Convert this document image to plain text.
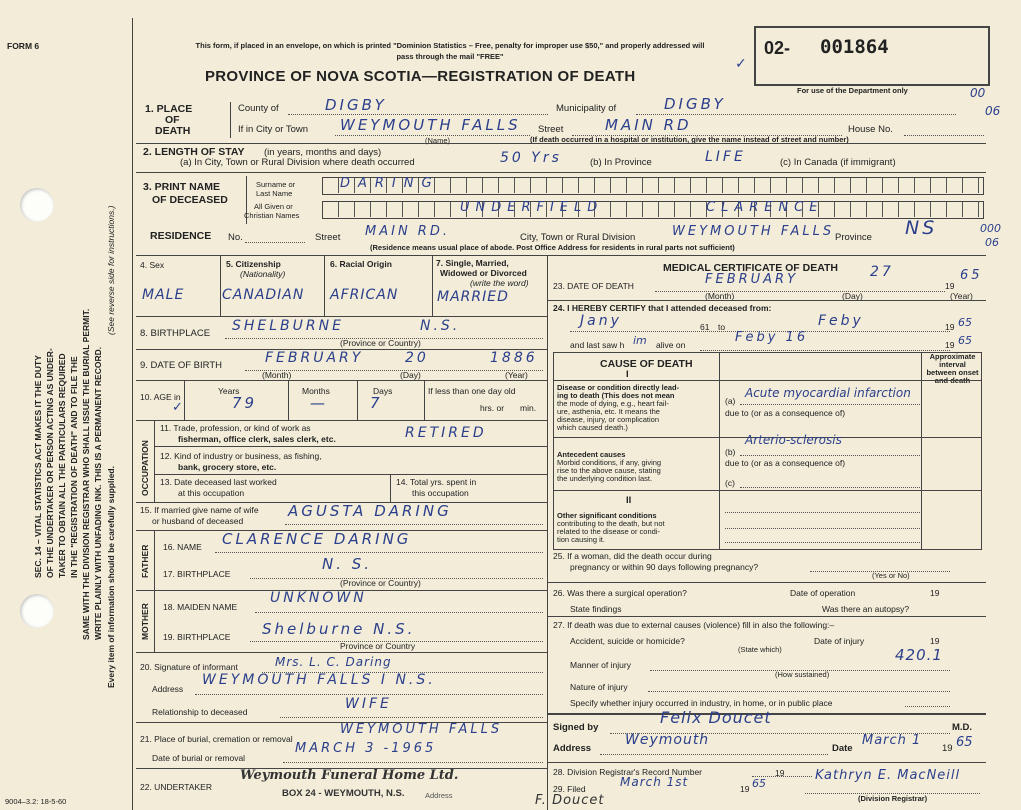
FORM 6
SEC. 14 – VITAL STATISTICS ACT MAKES IT THE DUTY OF THE UNDERTAKER OR PERSON ACTING AS UNDER- TAKER TO OBTAIN ALL THE PARTICULARS REQUIRED IN THE "REGISTRATION OF DEATH" AND TO FILE THE SAME WITH THE DIVISION REGISTRAR WHO SHALL ISSUE THE BURIAL PERMIT. WRITE PLAINLY WITH UNFADING INK. THIS IS A PERMANENT RECORD.
(See reverse side for instructions.)
Every item of information should be carefully supplied.
This form, if placed in an envelope, on which is printed "Dominion Statistics – Free, penalty for improper use $50," and properly addressed will pass through the mail "FREE"
PROVINCE OF NOVA SCOTIA—REGISTRATION OF DEATH
02- 001864
For use of the Department only	00
06
✓
1. PLACE
OF
DEATH
County of	DIGBY	Municipality of	DIGBY
If in City or Town WEYMOUTH FALLS
(Name)
Street	MAIN RD	House No.
(If death occurred in a hospital or institution, give the name instead of street and number)
2. LENGTH OF STAY (in years, months and days)
(a) In City, Town or Rural Division where death occurred	50 Yrs	(b) In Province	LIFE	(c) In Canada (if immigrant)
3. PRINT NAME
OF DECEASED
Surname or
Last Name
All Given or
Christian Names
DARING
UNDERFIELD	CLARENCE
RESIDENCE No.	Street MAIN RD.	City, Town or Rural Division	WEYMOUTH FALLS Province NS	000
06
(Residence means usual place of abode. Post Office Address for residents in rural parts not sufficient)
4. Sex
MALE
5. Citizenship
(Nationality)
CANADIAN
6. Racial Origin
AFRICAN
7. Single, Married,
Widowed or Divorced
(write the word)
MARRIED
8. BIRTHPLACE SHELBURNE	N.S.
(Province or Country)
9. DATE OF BIRTH	FEBRUARY	20	1886
(Month)	(Day)	(Year)
10. AGE in
✓
Years
79
Months
—
Days
7
If less than one day old
hrs. or min.
OCCUPATION
11. Trade, profession, or kind of work as
fisherman, office clerk, sales clerk, etc.	RETIRED
12. Kind of industry or business, as fishing,
bank, grocery store, etc.
13. Date deceased last worked
at this occupation
14. Total yrs. spent in
this occupation
15. If married give name of wife
or husband of deceased
AGUSTA DARING
FATHER 16. NAME CLARENCE DARING
17. BIRTHPLACE
N. S.
(Province or Country)
MOTHER 18. MAIDEN NAME
UNKNOWN
19. BIRTHPLACE Shelburne N.S.
Province or Country
20. Signature of informant	Mrs. L. C. Daring
Address
WEYMOUTH FALLS I N.S.
Relationship to deceased	WIFE
21. Place of burial, cremation or removal
WEYMOUTH FALLS
Date of burial or removal
MARCH 3 -1965
22. UNDERTAKER
Weymouth Funeral Home Ltd.
BOX 24 - WEYMOUTH, N.S.	Address
9004–3.2: 18-5-60	F. Doucet
MEDICAL CERTIFICATE OF DEATH
23. DATE OF DEATH	FEBRUARY	27
19
65
(Month)	(Day)	(Year)
24. I HEREBY CERTIFY that I attended deceased from:
Jany	61 to	Feby	19 65
and last saw h im alive on	Feby 16	19 65
CAUSE OF DEATH
Approximate interval between onset and death
Disease or condition directly lead-
ing to death (This does not mean
the mode of dying, e.g., heart fail-
ure, asthenia, etc. It means the
disease, injury, or complication
which caused death.)
I
(a)
Acute myocardial infarction
due to (or as a consequence of)
Antecedent causes
Morbid conditions, if any, giving
rise to the above cause, stating
the underlying condition last.
(b)
Arterio-sclerosis
due to (or as a consequence of)
(c)
II
Other significant conditions
contributing to the death, but not
related to the disease or condi-
tion causing it.
25. If a woman, did the death occur during
pregnancy or within 90 days following pregnancy?
(Yes or No)
26. Was there a surgical operation?	Date of operation	19
State findings	Was there an autopsy?
27. If death was due to external causes (violence) fill in also the following:–
Accident, suicide or homicide?	Date of injury	19
(State which)
Manner of injury
420.1
(How sustained)
Nature of injury
Specify whether injury occurred in industry, in home, or in public place
Signed by
Felix Doucet
M.D.
Address
Weymouth
Date
March 1
19 65
28. Division Registrar's Record Number	19
29. Filed	March 1st	19 65
Kathryn E. MacNeill
(Division Registrar)
